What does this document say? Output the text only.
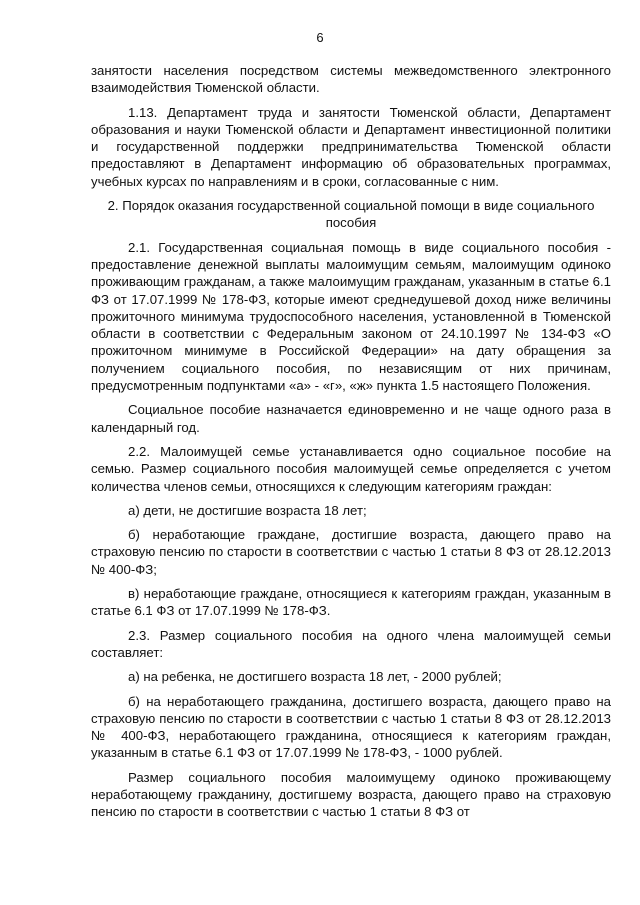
6

занятости населения посредством системы межведомственного электронного взаимодействия Тюменской области.

1.13. Департамент труда и занятости Тюменской области, Департамент образования и науки Тюменской области и Департамент инвестиционной политики и государственной поддержки предпринимательства Тюменской области предоставляют в Департамент информацию об образовательных программах, учебных курсах по направлениям и в сроки, согласованные с ним.

2. Порядок оказания государственной социальной помощи в виде социального пособия

2.1. Государственная социальная помощь в виде социального пособия - предоставление денежной выплаты малоимущим семьям, малоимущим одиноко проживающим гражданам, а также малоимущим гражданам, указанным в статье 6.1 ФЗ от 17.07.1999 № 178-ФЗ, которые имеют среднедушевой доход ниже величины прожиточного минимума трудоспособного населения, установленной в Тюменской области в соответствии с Федеральным законом от 24.10.1997 № 134-ФЗ «О прожиточном минимуме в Российской Федерации» на дату обращения за получением социального пособия, по независящим от них причинам, предусмотренным подпунктами «а» - «г», «ж» пункта 1.5 настоящего Положения.

Социальное пособие назначается единовременно и не чаще одного раза в календарный год.

2.2. Малоимущей семье устанавливается одно социальное пособие на семью. Размер социального пособия малоимущей семье определяется с учетом количества членов семьи, относящихся к следующим категориям граждан:

а) дети, не достигшие возраста 18 лет;

б) неработающие граждане, достигшие возраста, дающего право на страховую пенсию по старости в соответствии с частью 1 статьи 8 ФЗ от 28.12.2013 № 400-ФЗ;

в) неработающие граждане, относящиеся к категориям граждан, указанным в статье 6.1 ФЗ от 17.07.1999 № 178-ФЗ.

2.3. Размер социального пособия на одного члена малоимущей семьи составляет:

а) на ребенка, не достигшего возраста 18 лет, - 2000 рублей;

б) на неработающего гражданина, достигшего возраста, дающего право на страховую пенсию по старости в соответствии с частью 1 статьи 8 ФЗ от 28.12.2013 № 400-ФЗ, неработающего гражданина, относящиеся к категориям граждан, указанным в статье 6.1 ФЗ от 17.07.1999 № 178-ФЗ, - 1000 рублей.

Размер социального пособия малоимущему одиноко проживающему неработающему гражданину, достигшему возраста, дающего право на страховую пенсию по старости в соответствии с частью 1 статьи 8 ФЗ от
